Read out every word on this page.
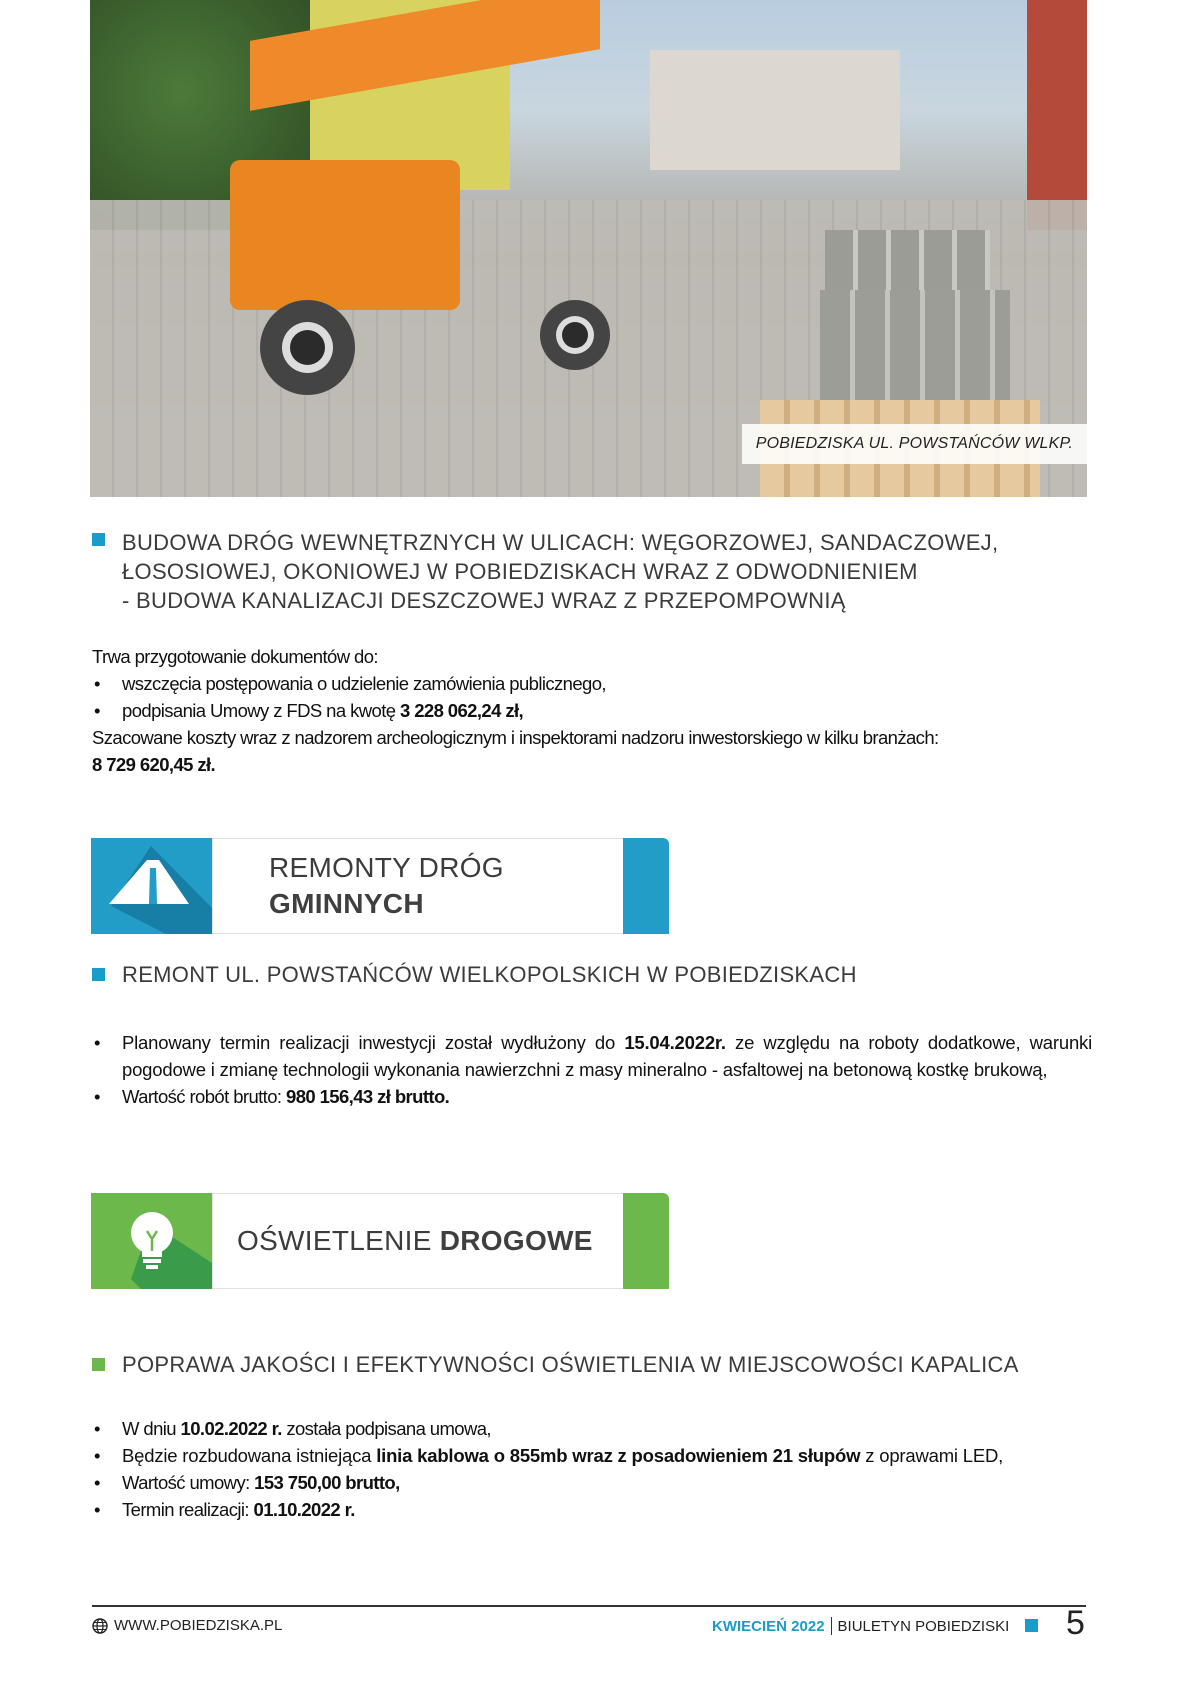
POBIEDZISKA UL. POWSTAŃCÓW WLKP.
BUDOWA DRÓG WEWNĘTRZNYCH W ULICACH: WĘGORZOWEJ, SANDACZOWEJ,
ŁOSOSIOWEJ, OKONIOWEJ W POBIEDZISKACH WRAZ Z ODWODNIENIEM
- BUDOWA KANALIZACJI DESZCZOWEJ WRAZ Z PRZEPOMPOWNIĄ
Trwa przygotowanie dokumentów do:
• wszczęcia postępowania o udzielenie zamówienia publicznego,
• podpisania Umowy z FDS na kwotę 3 228 062,24 zł,
Szacowane koszty wraz z nadzorem archeologicznym i inspektorami nadzoru inwestorskiego w kilku branżach:
8 729 620,45 zł.
REMONTY DRÓG
GMINNYCH
REMONT UL. POWSTAŃCÓW WIELKOPOLSKICH W POBIEDZISKACH
• Planowany termin realizacji inwestycji został wydłużony do 15.04.2022r. ze względu na roboty dodatkowe, warunki pogodowe i zmianę technologii wykonania nawierzchni z masy mineralno - asfaltowej na betonową kostkę brukową,
• Wartość robót brutto: 980 156,43 zł brutto.
OŚWIETLENIE DROGOWE
POPRAWA JAKOŚCI I EFEKTYWNOŚCI OŚWIETLENIA W MIEJSCOWOŚCI KAPALICA
• W dniu 10.02.2022 r. została podpisana umowa,
• Będzie rozbudowana istniejąca linia kablowa o 855mb wraz z posadowieniem 21 słupów z oprawami LED,
• Wartość umowy: 153 750,00 brutto,
• Termin realizacji: 01.10.2022 r.
WWW.POBIEDZISKA.PL	KWIECIEŃ 2022 BIULETYN POBIEDZISKI 5
